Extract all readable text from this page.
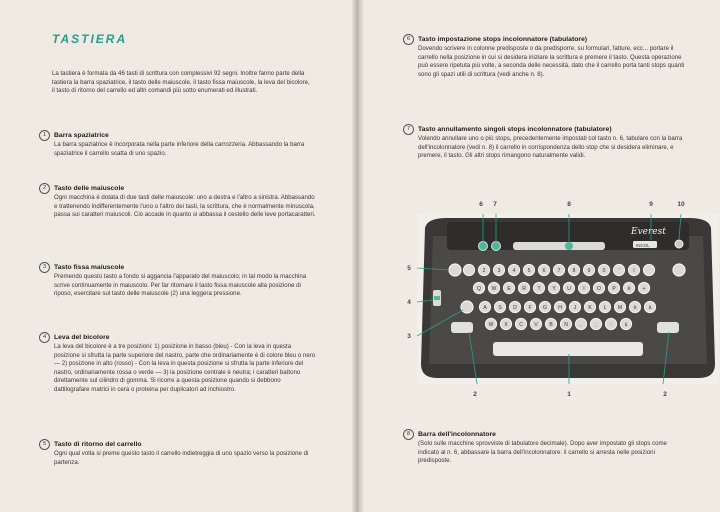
TASTIERA

La tastiera è formata da 46 tasti di scrittura con complessivi 92 segni. Inoltre fanno parte della tastiera la barra spaziatrice, il tasto delle maiuscole, il tasto fissa maiuscole, la leva del bicolore, il tasto di ritorno del carrello ed altri comandi più sotto enumerati ed illustrati.

1	Barra spaziatrice

La barra spaziatrice è incorporata nella parte inferiore della carrozzeria. Abbassando la barra spaziatrice il carrello scatta di uno spazio.

2	Tasto delle maiuscole

Ogni macchina è dotata di due tasti delle maiuscole: uno a destra e l'altro a sinistra. Abbassando e trattenendo indifferentemente l'uno o l'altro dei tasti, la scrittura, che è normalmente minuscola, passa sui caratteri maiuscoli. Ciò accade in quanto si abbassa il cestello delle leve portacaratteri.

3	Tasto fissa maiuscole

Premendo questo tasto a fondo si aggancia l'apparato del maiuscolo; in tal modo la macchina scrive continuamente in maiuscolo. Per far ritornare il tasto fissa maiuscole alla posizione di riposo, esercitare sul tasto delle maiuscole (2) una leggera pressione.

4	Leva del bicolore

La leva del bicolore è a tre posizioni: 1) posizione in basso (bleu) - Con la leva in questa posizione si sfrutta la parte superiore del nastro, parte che ordinariamente è di colore bleu o nero — 2) posizione in alto (rosso) - Con la leva in questa posizione si sfrutta la parte inferiore del nastro, ordinariamente rossa o verde — 3) la posizione centrale è neutra; i caratteri battono direttamente sul cilindro di gomma. Si ricorre a questa posizione quando si debbono dattilografare matrici in cera o proteina per duplicatori ad inchiostro.

5	Tasto di ritorno del carrello

Ogni qual volta si preme questo tasto il carrello indietreggia di uno spazio verso la posizione di partenza.

6	Tasto impostazione stops incolonnatore (tabulatore)

Dovendo scrivere in colonne predisposte o da predisporre, su formulari, fatture, ecc... portare il carrello nella posizione in cui si desidera iniziare la scrittura e premere il tasto. Questa operazione può essere ripetuta più volte, a seconda delle necessità, dato che il carrello porta tanti stops quanti sono gli spazi utili di scrittura (vedi anche n. 8).

7	Tasto annullamento singoli stops incolonnatore (tabulatore)

Volendo annullare uno o più stops, precedentemente impostati col tasto n. 6, tabulare con la barra dell'incolonnatore (vedi n. 8) il carrello in corrispondenza dello stop che si desidera eliminare, e premere, il tasto. Gli altri stops rimangono naturalmente validi.

Everest
INCOL
2 3 4 5 6 7 8 9 0	'	ì
Q W E R T Y U I O P è +
A S D F G H J K L M ò à
W X C V B N ,	;	:	ù
6	7	8	9	10
5
4
3
2	1	2
8	Barra dell'incolonnatore

(Solo sulle macchine sprovviste di tabulatore decimale). Dopo aver impostato gli stops come indicato al n. 6, abbassare la barra dell'incolonnatore: il carrello si arresta nelle posizioni predisposte.
